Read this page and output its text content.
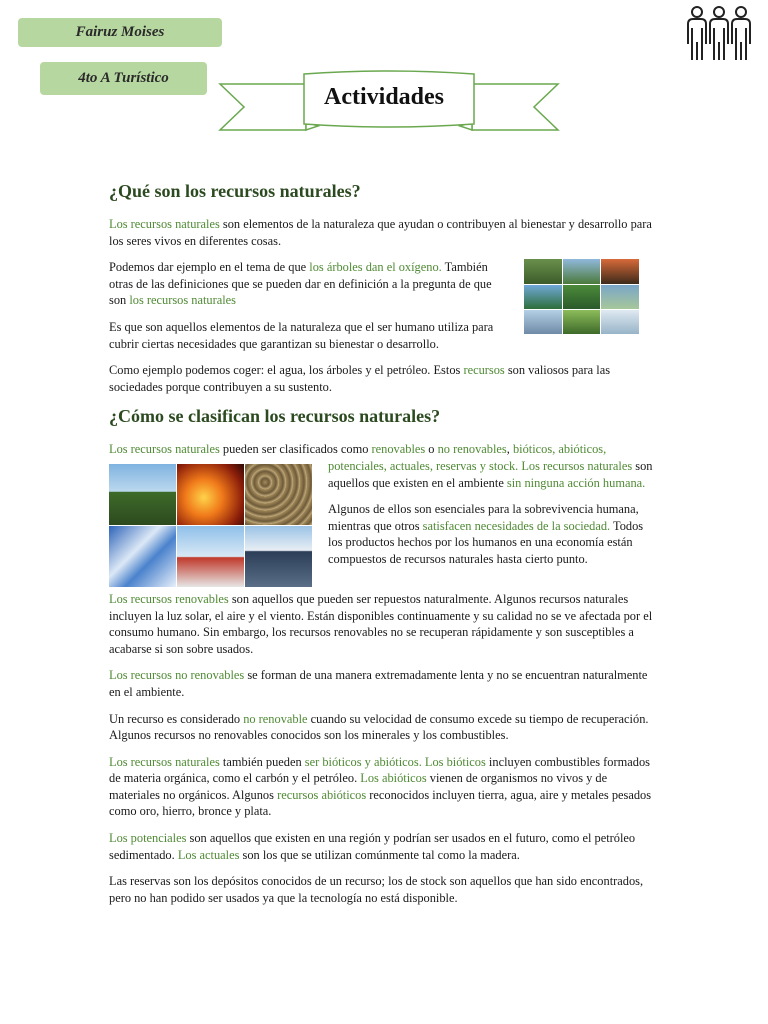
Fairuz Moises
4to A Turístico
Actividades
¿Qué son los recursos naturales?

Los recursos naturales son elementos de la naturaleza que ayudan o contribuyen al bienestar y desarrollo para los seres vivos en diferentes cosas.

Podemos dar ejemplo en el tema de que los árboles dan el oxígeno. También otras de las definiciones que se pueden dar en definición a la pregunta de que son los recursos naturales

Es que son aquellos elementos de la naturaleza que el ser humano utiliza para cubrir ciertas necesidades que garantizan su bienestar o desarrollo.

Como ejemplo podemos coger: el agua, los árboles y el petróleo. Estos recursos son valiosos para las sociedades porque contribuyen a su sustento.

¿Cómo se clasifican los recursos naturales?

Los recursos naturales pueden ser clasificados como renovables o no renovables,
bióticos, abióticos, potenciales, actuales, reservas y stock. Los recursos naturales son aquellos que existen en el ambiente sin ninguna acción humana.

Algunos de ellos son esenciales para la sobrevivencia humana, mientras que otros satisfacen necesidades de la sociedad. Todos los productos hechos por los humanos en una economía están compuestos de recursos naturales hasta cierto punto.

Los recursos renovables son aquellos que pueden ser repuestos naturalmente. Algunos recursos naturales incluyen la luz solar, el aire y el viento. Están disponibles continuamente y su calidad no se ve afectada por el consumo humano. Sin embargo, los recursos renovables no se recuperan rápidamente y son susceptibles a acabarse si son sobre usados.

Los recursos no renovables se forman de una manera extremadamente lenta y no se encuentran naturalmente en el ambiente.

Un recurso es considerado no renovable cuando su velocidad de consumo excede su tiempo de recuperación. Algunos recursos no renovables conocidos son los minerales y los combustibles.

Los recursos naturales también pueden ser bióticos y abióticos. Los bióticos incluyen combustibles formados de materia orgánica, como el carbón y el petróleo. Los abióticos vienen de organismos no vivos y de materiales no orgánicos. Algunos recursos abióticos reconocidos incluyen tierra, agua, aire y metales pesados como oro, hierro, bronce y plata.

Los potenciales son aquellos que existen en una región y podrían ser usados en el futuro, como el petróleo sedimentado. Los actuales son los que se utilizan comúnmente tal como la madera.

Las reservas son los depósitos conocidos de un recurso; los de stock son aquellos que han sido encontrados, pero no han podido ser usados ya que la tecnología no está disponible.
